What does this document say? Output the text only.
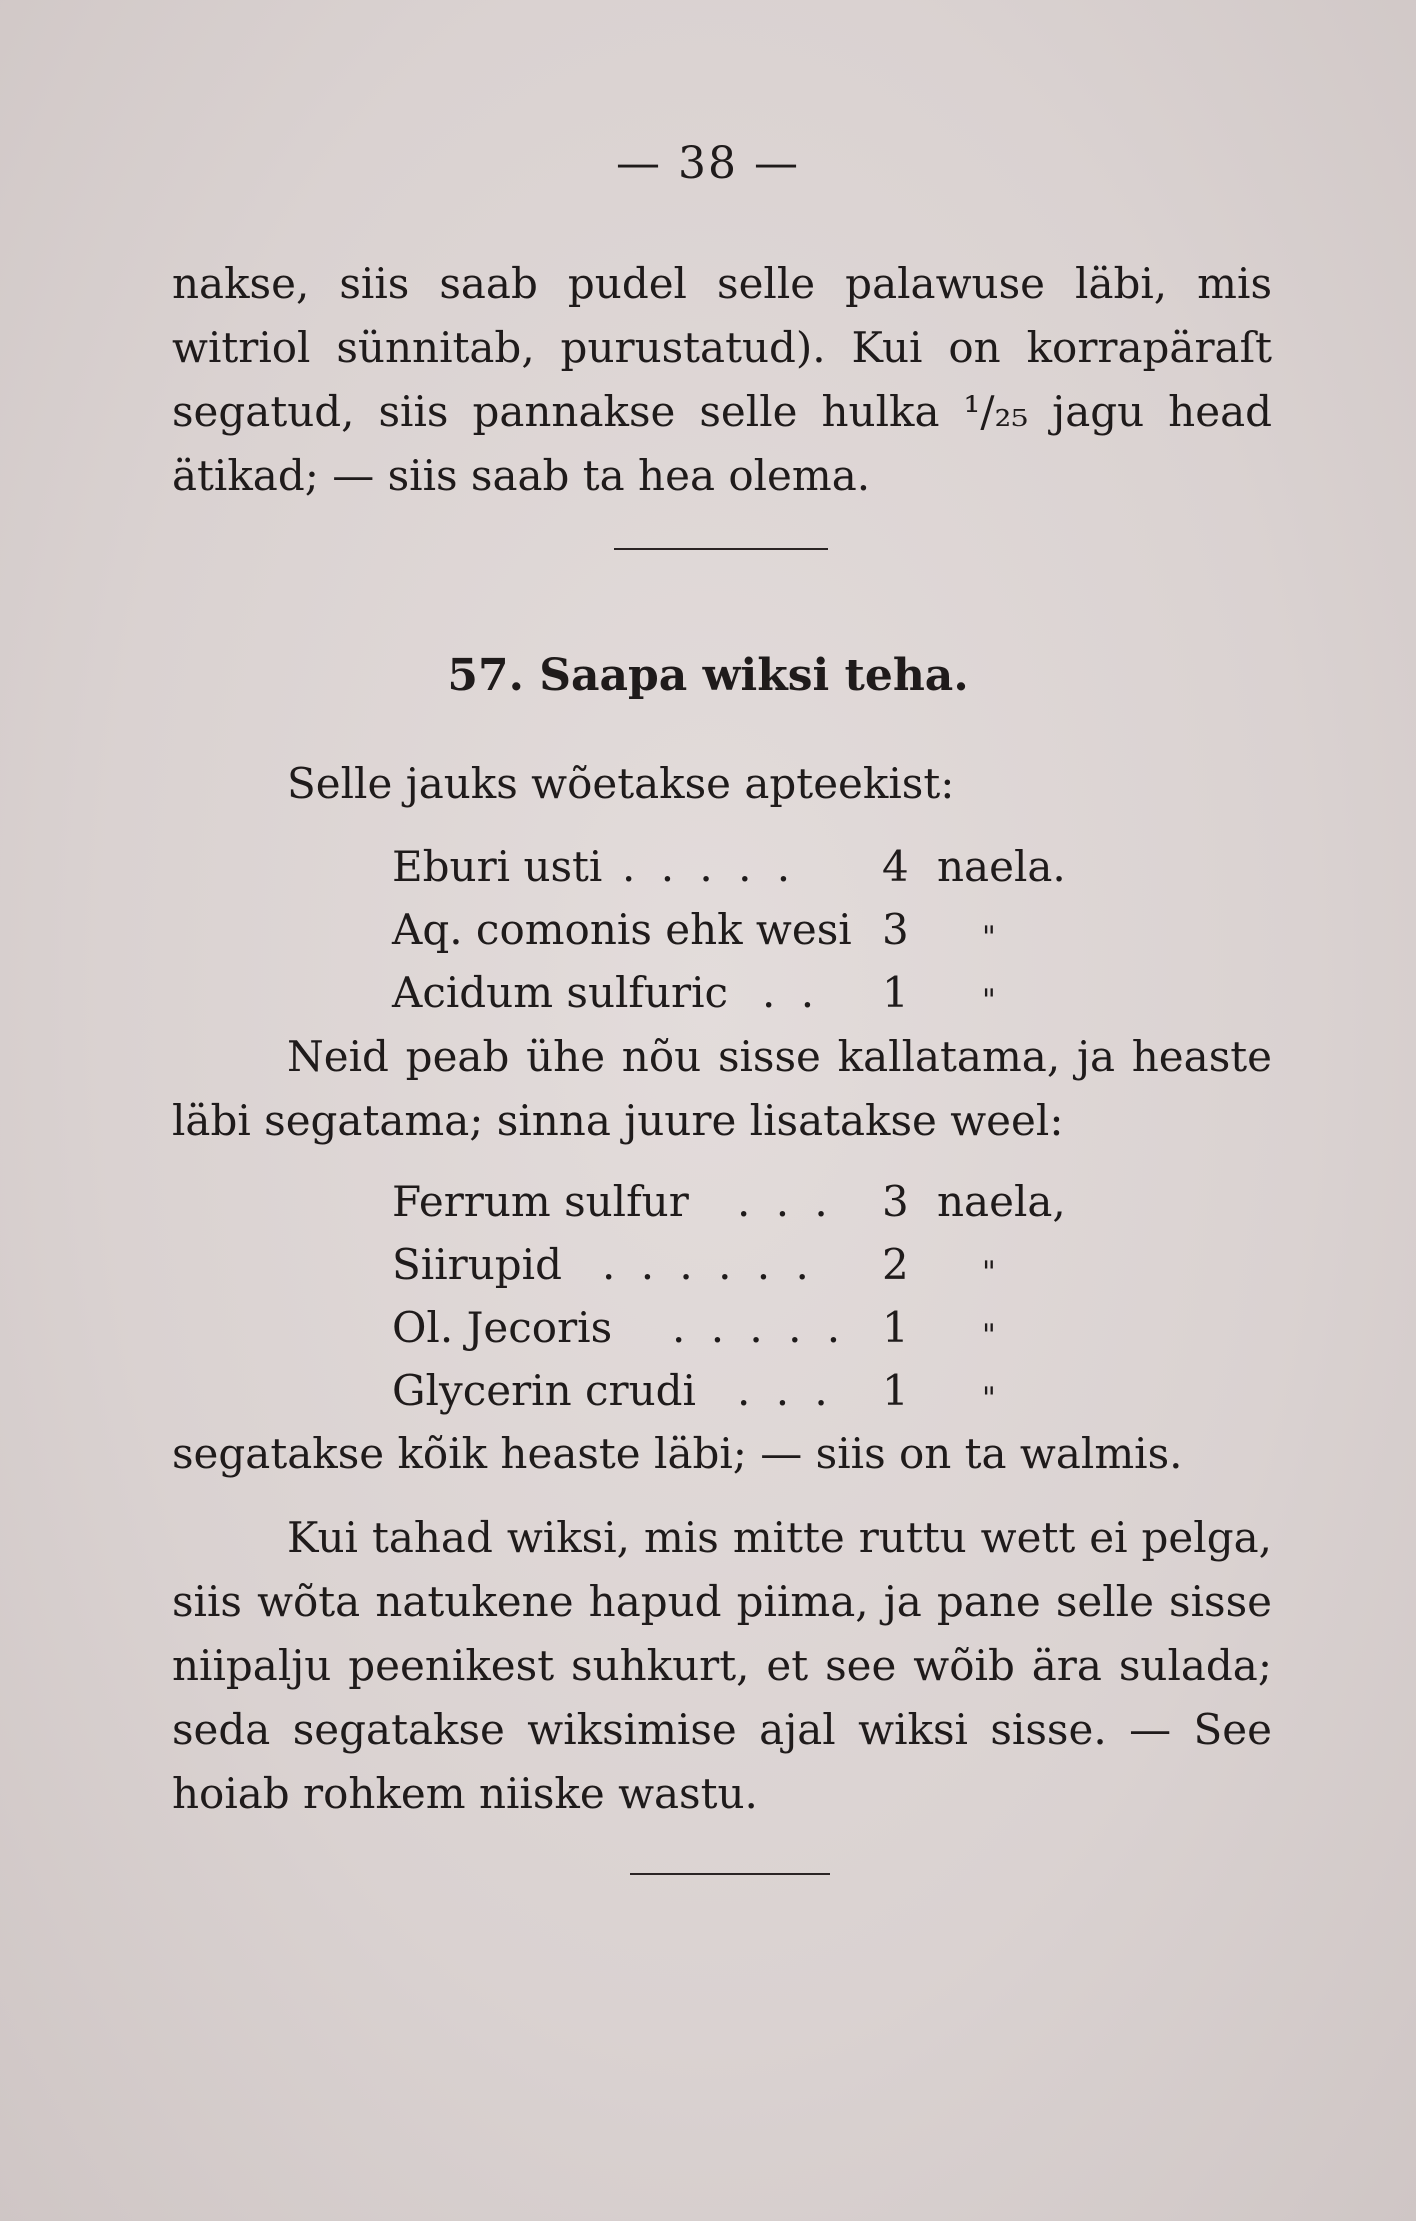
— 38 —

nakse, siis saab pudel selle palawuse läbi, mis witriol sünnitab, purustatud). Kui on korrapäraſt segatud, siis pannakse selle hulka ¹/₂₅ jagu head ätikad; — siis saab ta hea olema.

57. Saapa wiksi teha.

Selle jauks wõetakse apteekist:

Eburi usti . . . . . 4 naela.
Aq. comonis ehk wesi 3 "
Acidum sulfuric . . 1 "

Neid peab ühe nõu sisse kallatama, ja heaste läbi segatama; sinna juure lisatakse weel:

Ferrum sulfur . . . 3 naela,
Siirupid . . . . . . 2 "
Ol. Jecoris . . . . . 1 "
Glycerin crudi . . . 1 "

segatakse kõik heaste läbi; — siis on ta walmis.

Kui tahad wiksi, mis mitte ruttu wett ei pelga, siis wõta natukene hapud piima, ja pane selle sisse niipalju peenikest suhkurt, et see wõib ära sulada; seda segatakse wiksimise ajal wiksi sisse. — See hoiab rohkem niiske wastu.
